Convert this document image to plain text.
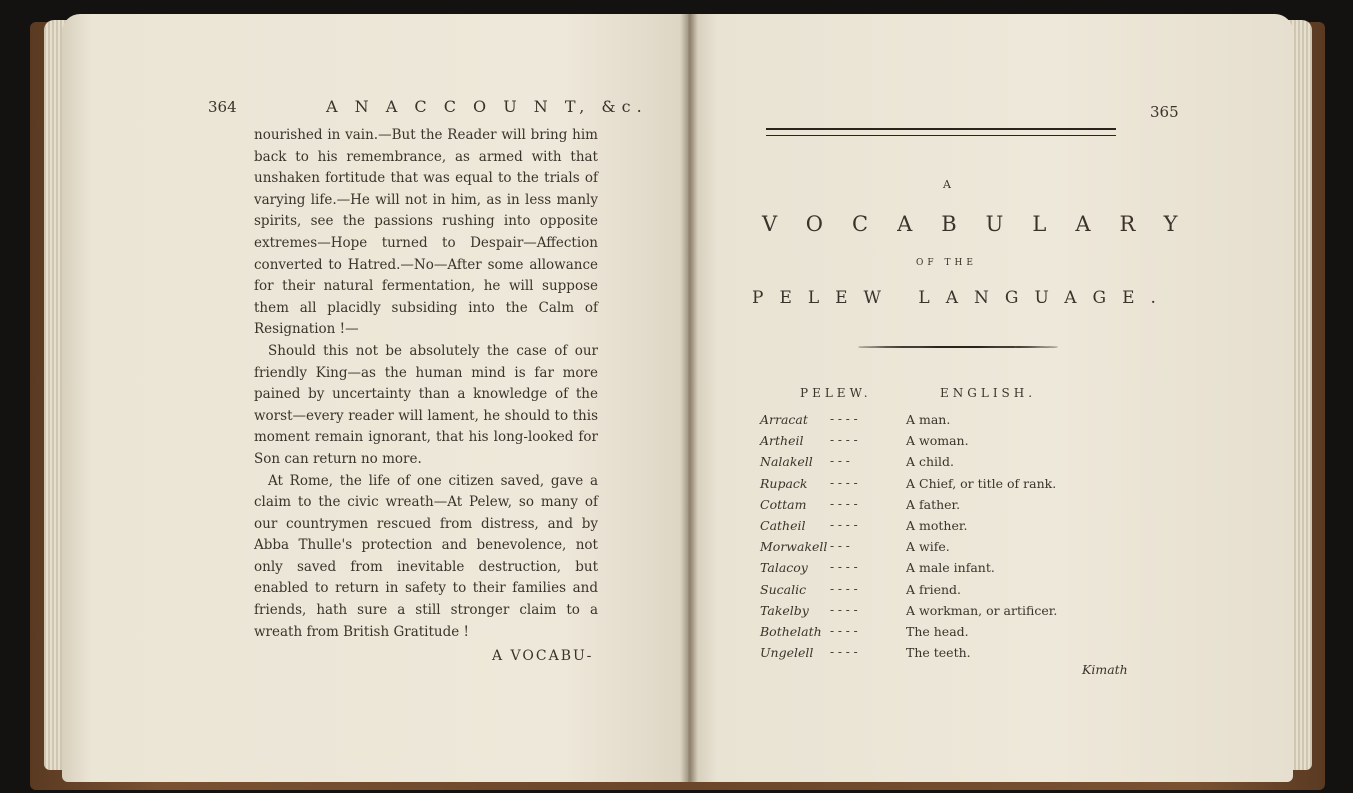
364	A N A C C O U N T, &c.

nourished in vain.—But the Reader will bring him back to his remembrance, as armed with that unshaken fortitude that was equal to the trials of varying life.—He will not in him, as in less manly spirits, see the passions rushing into opposite extremes—Hope turned to Despair—Affection converted to Hatred.—No—After some allowance for their natural fermentation, he will suppose them all placidly subsiding into the Calm of Resignation !—

Should this not be absolutely the case of our friendly King—as the human mind is far more pained by uncertainty than a knowledge of the worst—every reader will lament, he should to this moment remain ignorant, that his long-looked for Son can return no more.

At Rome, the life of one citizen saved, gave a claim to the civic wreath—At Pelew, so many of our countrymen rescued from distress, and by Abba Thulle's protection and benevolence, not only saved from inevitable destruction, but enabled to return in safety to their families and friends, hath sure a still stronger claim to a wreath from British Gratitude !

A VOCABU-
365
A
VOCABULARY
OF THE
PELEW LANGUAGE.
PELEW.	ENGLISH.
Arracat - - - -	A man.
Artheil - - - -	A woman.
Nalakell - - -	A child.
Rupack - - - -	A Chief, or title of rank.
Cottam - - - -	A father.
Catheil - - - -	A mother.
Morwakell - - -	A wife.
Talacoy - - - -	A male infant.
Sucalic - - - -	A friend.
Takelby - - - -	A workman, or artificer.
Bothelath - - - -	The head.
Ungelell - - - -	The teeth.
Kimath
